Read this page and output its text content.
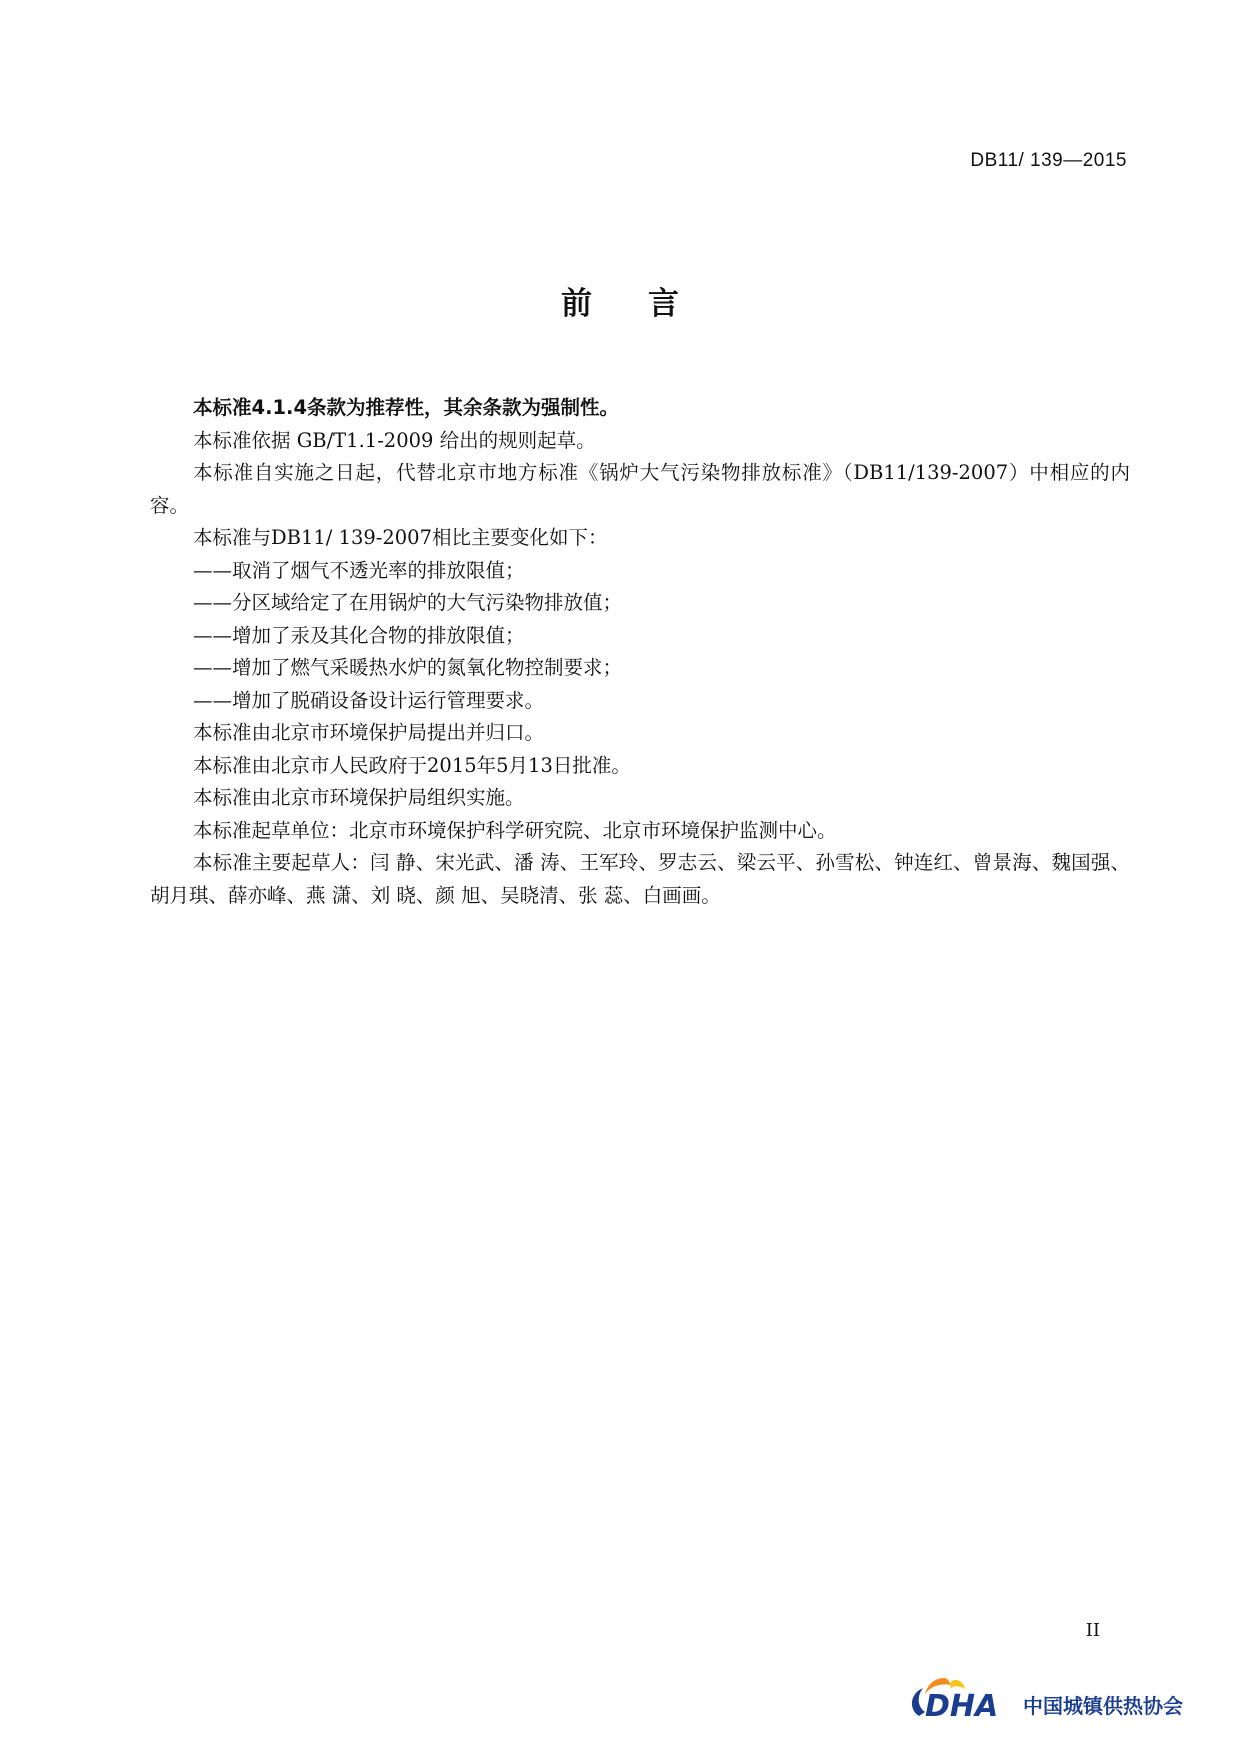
DB11/ 139—2015
前言

本标准4.1.4条款为推荐性，其余条款为强制性。

本标准依据 GB/T1.1-2009 给出的规则起草。

本标准自实施之日起，代替北京市地方标准《锅炉大气污染物排放标准》（DB11/139-2007）中相应的内容。

本标准与DB11/ 139-2007相比主要变化如下：

——取消了烟气不透光率的排放限值；

——分区域给定了在用锅炉的大气污染物排放值；

——增加了汞及其化合物的排放限值；

——增加了燃气采暖热水炉的氮氧化物控制要求；

——增加了脱硝设备设计运行管理要求。

本标准由北京市环境保护局提出并归口。

本标准由北京市人民政府于2015年5月13日批准。

本标准由北京市环境保护局组织实施。

本标准起草单位：北京市环境保护科学研究院、北京市环境保护监测中心。

本标准主要起草人：闫 静、宋光武、潘 涛、王军玲、罗志云、梁云平、孙雪松、钟连红、曾景海、魏国强、胡月琪、薛亦峰、燕 潇、刘 晓、颜 旭、吴晓清、张 蕊、白画画。

II
DHA 中国城镇供热协会
